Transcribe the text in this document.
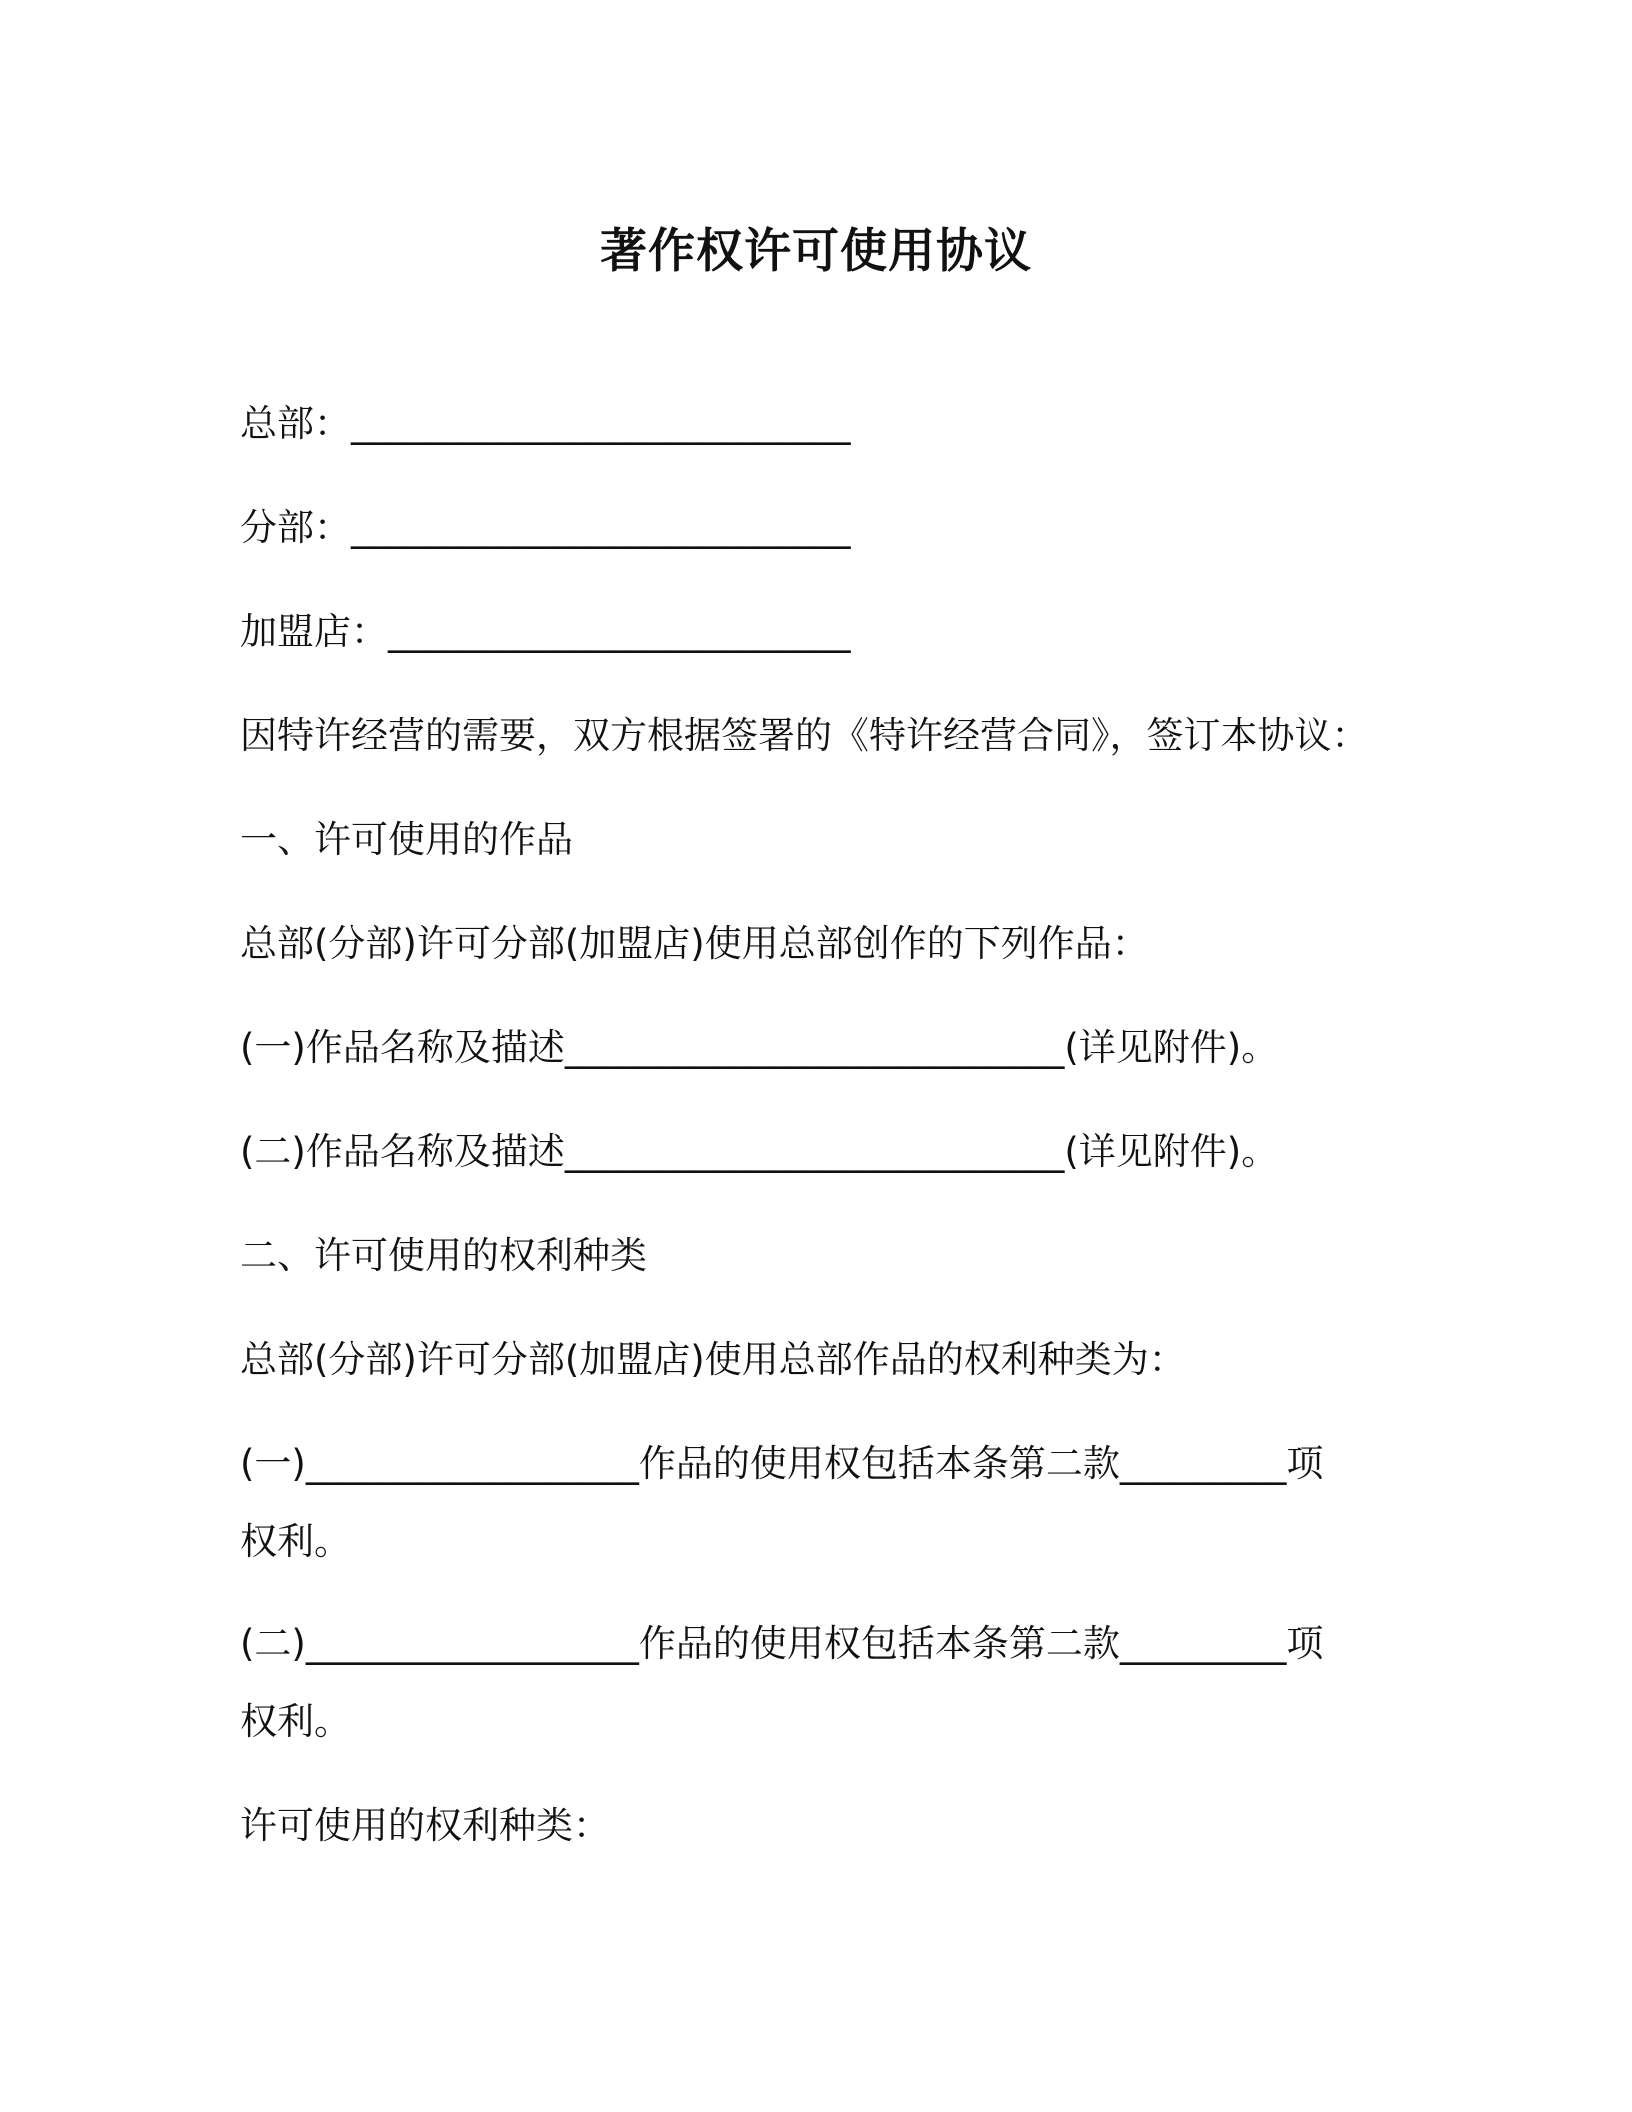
著作权许可使用协议
总部：___________________________
分部：___________________________
加盟店：_________________________
因特许经营的需要，双方根据签署的《特许经营合同》，签订本协议：
一、许可使用的作品
总部(分部)许可分部(加盟店)使用总部创作的下列作品：
(一)作品名称及描述___________________________(详见附件)。
(二)作品名称及描述___________________________(详见附件)。
二、许可使用的权利种类
总部(分部)许可分部(加盟店)使用总部作品的权利种类为：
(一)__________________作品的使用权包括本条第二款_________项
权利。
(二)__________________作品的使用权包括本条第二款_________项
权利。
许可使用的权利种类：
